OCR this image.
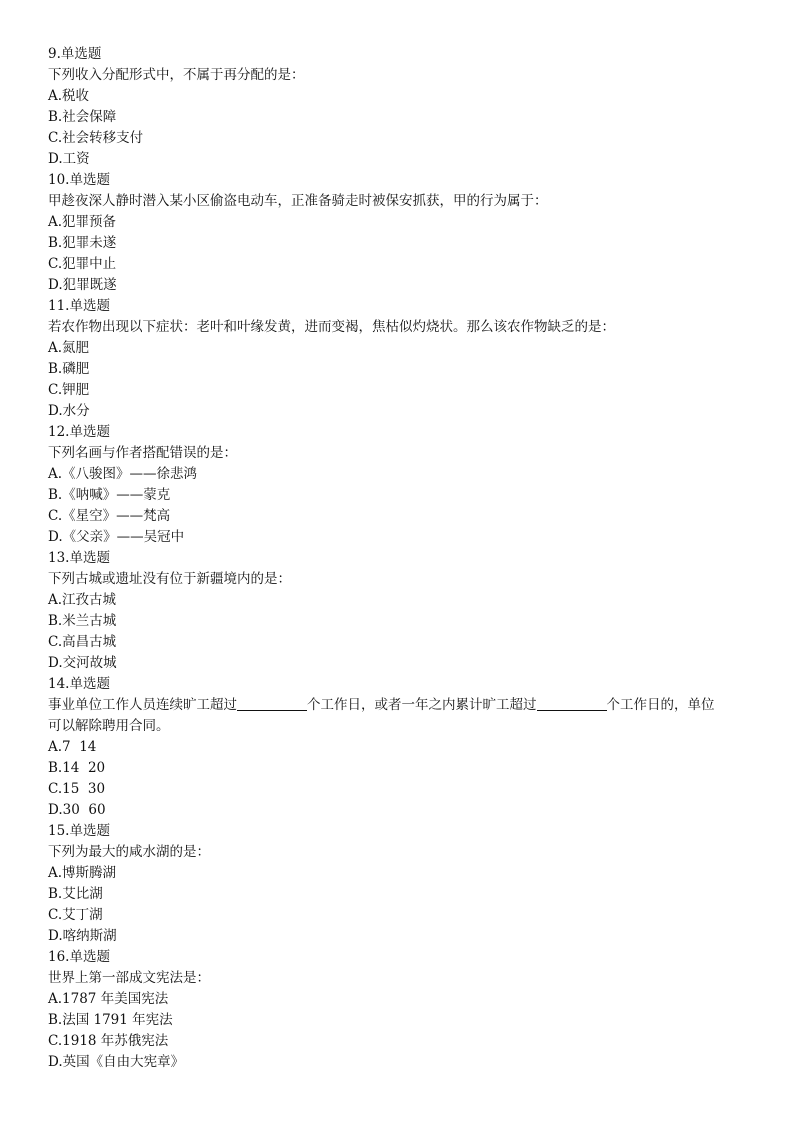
9.单选题
下列收入分配形式中，不属于再分配的是：
A.税收
B.社会保障
C.社会转移支付
D.工资
10.单选题
甲趁夜深人静时潜入某小区偷盗电动车，正准备骑走时被保安抓获，甲的行为属于：
A.犯罪预备
B.犯罪未遂
C.犯罪中止
D.犯罪既遂
11.单选题
若农作物出现以下症状：老叶和叶缘发黄，进而变褐，焦枯似灼烧状。那么该农作物缺乏的是：
A.氮肥
B.磷肥
C.钾肥
D.水分
12.单选题
下列名画与作者搭配错误的是：
A.《八骏图》——徐悲鸿
B.《呐喊》——蒙克
C.《星空》——梵高
D.《父亲》——吴冠中
13.单选题
下列古城或遗址没有位于新疆境内的是：
A.江孜古城
B.米兰古城
C.高昌古城
D.交河故城
14.单选题
事业单位工作人员连续旷工超过	个工作日，或者一年之内累计旷工超过	个工作日的，单位
可以解除聘用合同。
A.7  14
B.14  20
C.15  30
D.30  60
15.单选题
下列为最大的咸水湖的是：
A.博斯腾湖
B.艾比湖
C.艾丁湖
D.喀纳斯湖
16.单选题
世界上第一部成文宪法是：
A.1787 年美国宪法
B.法国 1791 年宪法
C.1918 年苏俄宪法
D.英国《自由大宪章》
